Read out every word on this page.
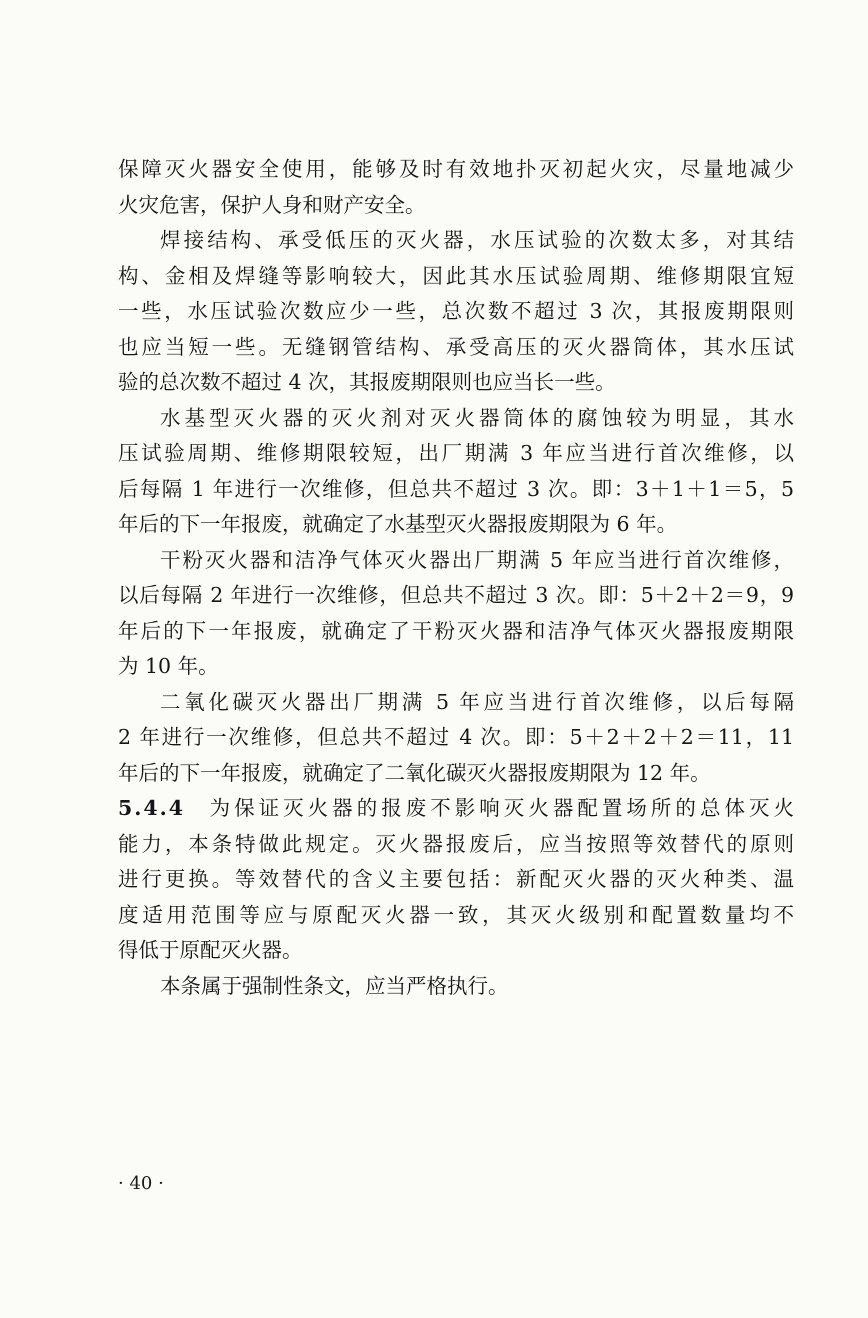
保障灭火器安全使用，能够及时有效地扑灭初起火灾，尽量地减少
火灾危害，保护人身和财产安全。
焊接结构、承受低压的灭火器，水压试验的次数太多，对其结
构、金相及焊缝等影响较大，因此其水压试验周期、维修期限宜短
一些，水压试验次数应少一些，总次数不超过 3 次，其报废期限则
也应当短一些。无缝钢管结构、承受高压的灭火器筒体，其水压试
验的总次数不超过 4 次，其报废期限则也应当长一些。
水基型灭火器的灭火剂对灭火器筒体的腐蚀较为明显，其水
压试验周期、维修期限较短，出厂期满 3 年应当进行首次维修，以
后每隔 1 年进行一次维修，但总共不超过 3 次。即：3＋1＋1＝5，5
年后的下一年报废，就确定了水基型灭火器报废期限为 6 年。
干粉灭火器和洁净气体灭火器出厂期满 5 年应当进行首次维修，
以后每隔 2 年进行一次维修，但总共不超过 3 次。即：5＋2＋2＝9，9
年后的下一年报废，就确定了干粉灭火器和洁净气体灭火器报废期限
为 10 年。
二氧化碳灭火器出厂期满 5 年应当进行首次维修，以后每隔
2 年进行一次维修，但总共不超过 4 次。即：5＋2＋2＋2＝11，11
年后的下一年报废，就确定了二氧化碳灭火器报废期限为 12 年。
5.4.4   为保证灭火器的报废不影响灭火器配置场所的总体灭火
能力，本条特做此规定。灭火器报废后，应当按照等效替代的原则
进行更换。等效替代的含义主要包括：新配灭火器的灭火种类、温
度适用范围等应与原配灭火器一致，其灭火级别和配置数量均不
得低于原配灭火器。
本条属于强制性条文，应当严格执行。
· 40 ·
